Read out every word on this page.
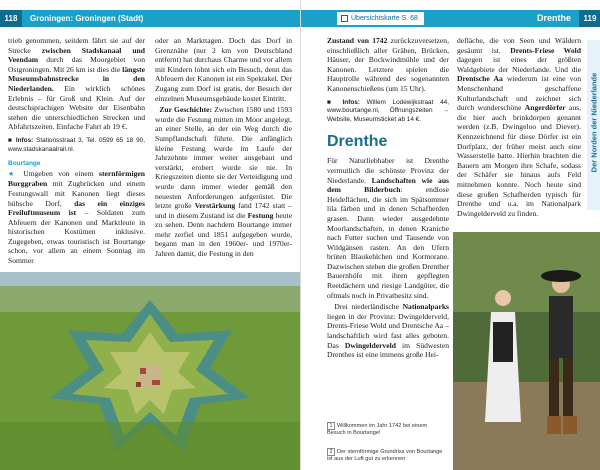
118	Groningen: Groningen (Stadt)

trieb genommen, seitdem fährt sie auf der Strecke zwischen Stadskanaal und Veendam durch das Moorgebiet von Ostgroningen. Mit 26 km ist dies die längste Museumsbahnstrecke in den Niederlanden. Ein wirklich schönes Erlebnis – für Groß und Klein. Auf der deutschsprachigen Website der Eisenbahn stehen die unterschiedlichen Strecken und Abfahrtszeiten. Einfache Fahrt ab 19 €.

■ Infos: Stationsstraat 3, Tel. 0599 65 18 90, www.stadskanaalrail.nl.
Bourtange

★ Umgeben von einem sternförmigen Burggraben mit Zugbrücken und einem Festungswall mit Kanonen liegt dieses hübsche Dorf, das ein einziges Freiluftmuseum ist – Soldaten zum Abfeuern der Kanonen und Marktleute in historischen Kostümen inklusive. Zugegeben, etwas touristisch ist Bourtange schon, vor allem an einem Sonntag im Sommer

oder an Markttagen. Doch das Dorf in Grenznähe (nur 2 km von Deutschland entfernt) hat durchaus Charme und vor allem mit Kindern lohnt sich ein Besuch, denn das Abfeuern der Kanonen ist ein Spektakel. Der Zugang zum Dorf ist gratis, der Besuch der einzelnen Museumsgebäude kostet Eintritt.

Zur Geschichte: Zwischen 1580 und 1593 wurde die Festung mitten im Moor angelegt, an einer Stelle, an der ein Weg durch die Sumpflandschaft führte. Die anfänglich kleine Festung wurde im Laufe der Jahrzehnte immer weiter ausgebaut und verstärkt, erobert wurde sie nie. In Kriegszeiten diente sie der Verteidigung und wurde dann immer wieder gemäß den neuesten Anforderungen aufgerüstet. Die letzte große Verstärkung fand 1742 statt – und in diesem Zustand ist die Festung heute zu sehen. Denn nachdem Bourtange immer mehr zerfiel und 1851 aufgegeben wurde, begann man in den 1960er- und 1970er-Jahren damit, die Festung in den

Übersichtskarte S. 68	Drenthe	119
Der Norden der Niederlande

Zustand von 1742 zurückzuversetzen, einschließlich aller Gräben, Brücken, Häuser, der Bockwindmühle und der Kanonen. Letztere spielen die Hauptrolle während des sogenannten Kanonenschießens (um 15 Uhr).

■ Infos: Willem Lodewijkstraat 44, www.bourtange.nl, Öffnungszeiten → Website, Museumsticket ab 14 €.
Drenthe

Für Naturliebhaber ist Drenthe vermutlich die schönste Provinz der Niederlande. Landschaften wie aus dem Bilderbuch: endlose Heideflächen, die sich im Spätsommer lila färben und in denen Schafherden grasen. Dann wieder ausgedehnte Moorlandschaften, in denen Kraniche nach Futter suchen und Tausende von Wildgänsen rasten. An den Ufern brüten Blaukehlchen und Kormorane. Dazwischen stehen die großen Drenther Bauernhöfe mit ihren gepflegten Reetdächern und riesige Landgüter, die oftmals noch in Privatbesitz sind.

Drei niederländische Nationalparks liegen in der Provinz: Dwingelderveld, Drents-Friese Wold und Drentsche Aa – landschaftlich wird fast alles geboten. Das Dwingelderveld im Südwesten Drenthes ist eine immens große Hei-

defläche, die von Seen und Wäldern gesäumt ist. Drents-Friese Wold dagegen ist eines der größten Waldgebiete der Niederlande. Und die Drentsche Aa wiederum ist eine von Menschenhand geschaffene Kulturlandschaft und zeichnet sich durch wunderschöne Angerdörfer aus, die hier auch brinkdorpen genannt werden (z.B. Dwingeloo und Diever). Kennzeichnend für diese Dörfer ist ein Dorfplatz, der früher meist auch eine Wasserstelle hatte. Hierhin brachten die Bauern am Morgen ihre Schafe, sodass der Schäfer sie hinaus aufs Feld mitnehmen konnte. Noch heute sind diese großen Schafherden typisch für Drenthe und u.a. im Nationalpark Dwingelderveld zu finden.

1 Willkommen im Jahr 1742 bei einem Besuch in Bourtange!
2 Der sternförmige Grundriss von Bourtange ist aus der Luft gut zu erkennen
